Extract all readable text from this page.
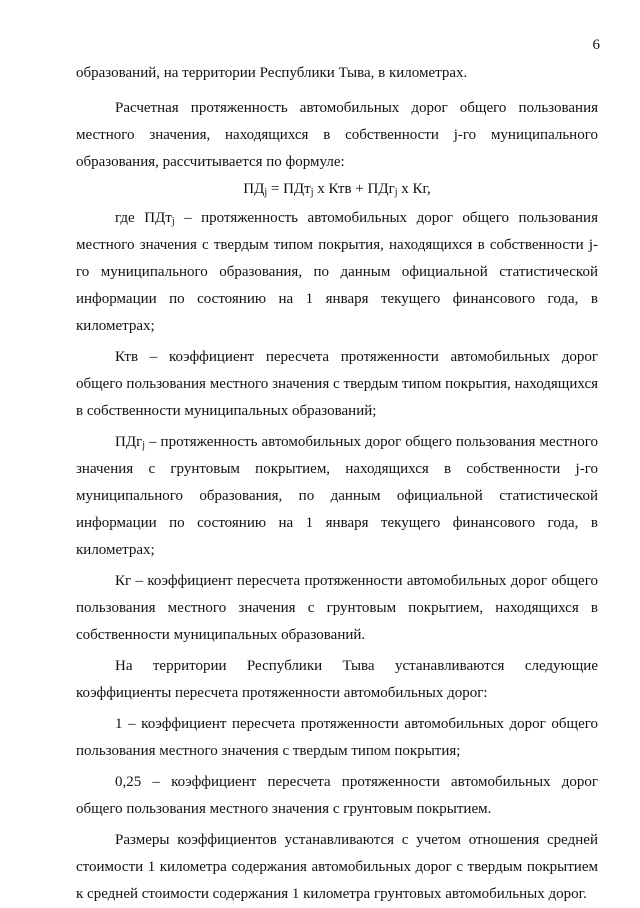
6

образований, на территории Республики Тыва, в километрах.

Расчетная протяженность автомобильных дорог общего пользования местного значения, находящихся в собственности j-го муниципального образования, рассчитывается по формуле:

$ПД_j = ПДт_j$ х Ктв + ПДг$_j$ х Кг,

где ПДт$_j$ – протяженность автомобильных дорог общего пользования местного значения с твердым типом покрытия, находящихся в собственности j-го муниципального образования, по данным официальной статистической информации по состоянию на 1 января текущего финансового года, в километрах;

Ктв – коэффициент пересчета протяженности автомобильных дорог общего пользования местного значения с твердым типом покрытия, находящихся в собственности муниципальных образований;

ПДг$_j$ – протяженность автомобильных дорог общего пользования местного значения с грунтовым покрытием, находящихся в собственности j-го муниципального образования, по данным официальной статистической информации по состоянию на 1 января текущего финансового года, в километрах;

Кг – коэффициент пересчета протяженности автомобильных дорог общего пользования местного значения с грунтовым покрытием, находящихся в собственности муниципальных образований.

На территории Республики Тыва устанавливаются следующие коэффициенты пересчета протяженности автомобильных дорог:

1 – коэффициент пересчета протяженности автомобильных дорог общего пользования местного значения с твердым типом покрытия;

0,25 – коэффициент пересчета протяженности автомобильных дорог общего пользования местного значения с грунтовым покрытием.

Размеры коэффициентов устанавливаются с учетом отношения средней стоимости 1 километра содержания автомобильных дорог с твердым покрытием к средней стоимости содержания 1 километра грунтовых автомобильных дорог.
